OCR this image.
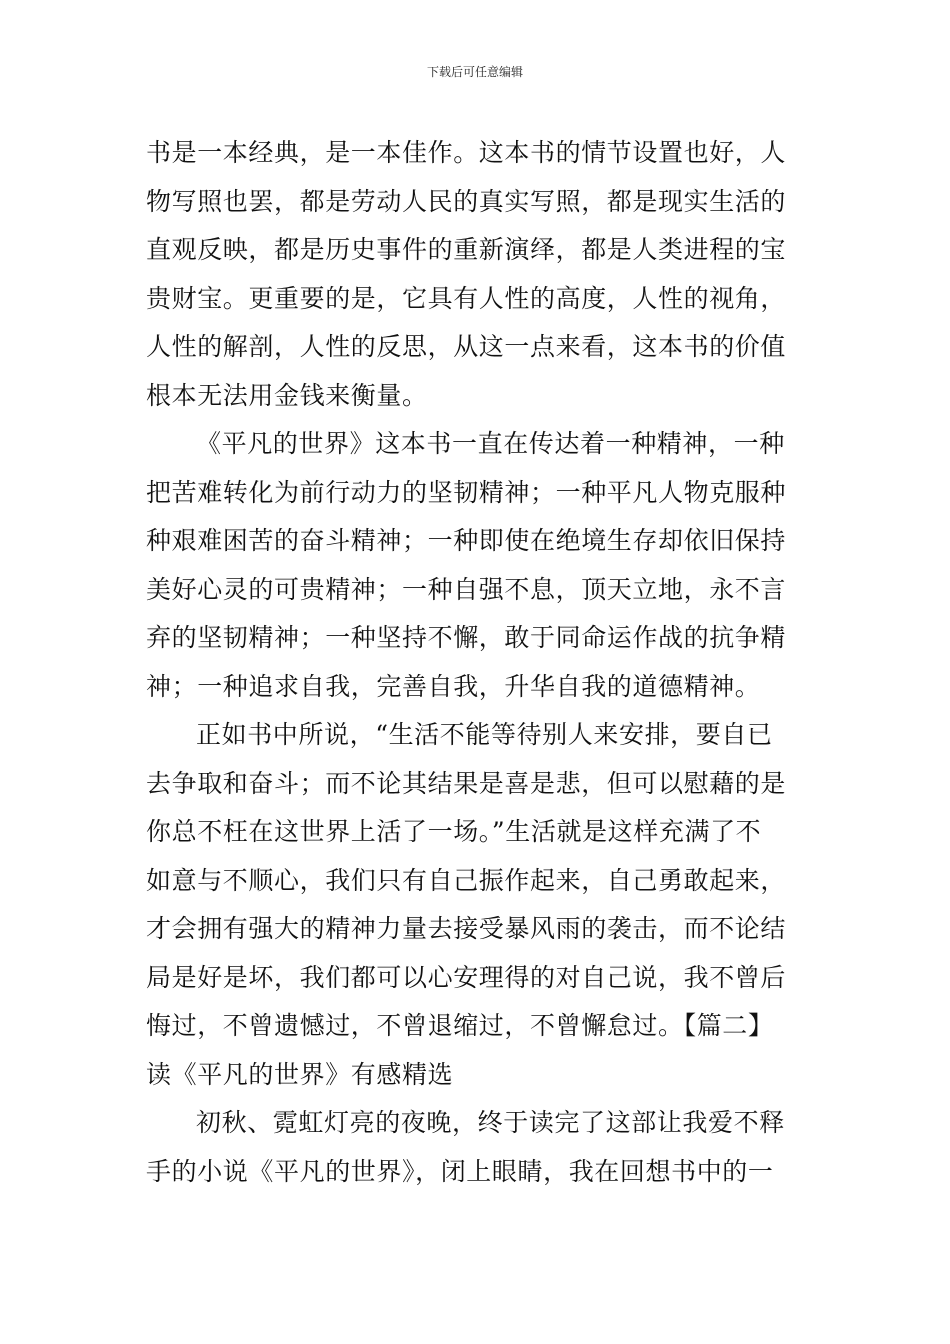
下载后可任意编辑
书是一本经典，是一本佳作。这本书的情节设置也好，人
物写照也罢，都是劳动人民的真实写照，都是现实生活的
直观反映，都是历史事件的重新演绎，都是人类进程的宝
贵财宝。更重要的是，它具有人性的高度，人性的视角，
人性的解剖，人性的反思，从这一点来看，这本书的价值
根本无法用金钱来衡量。
《平凡的世界》这本书一直在传达着一种精神，一种
把苦难转化为前行动力的坚韧精神；一种平凡人物克服种
种艰难困苦的奋斗精神；一种即使在绝境生存却依旧保持
美好心灵的可贵精神；一种自强不息，顶天立地，永不言
弃的坚韧精神；一种坚持不懈，敢于同命运作战的抗争精
神；一种追求自我，完善自我，升华自我的道德精神。
正如书中所说，“生活不能等待别人来安排，要自已
去争取和奋斗；而不论其结果是喜是悲，但可以慰藉的是
你总不枉在这世界上活了一场。”生活就是这样充满了不
如意与不顺心，我们只有自己振作起来，自己勇敢起来，
才会拥有强大的精神力量去接受暴风雨的袭击，而不论结
局是好是坏，我们都可以心安理得的对自己说，我不曾后
悔过，不曾遗憾过，不曾退缩过，不曾懈怠过。【篇二】
读《平凡的世界》有感精选
初秋、霓虹灯亮的夜晚，终于读完了这部让我爱不释
手的小说《平凡的世界》，闭上眼睛，我在回想书中的一
